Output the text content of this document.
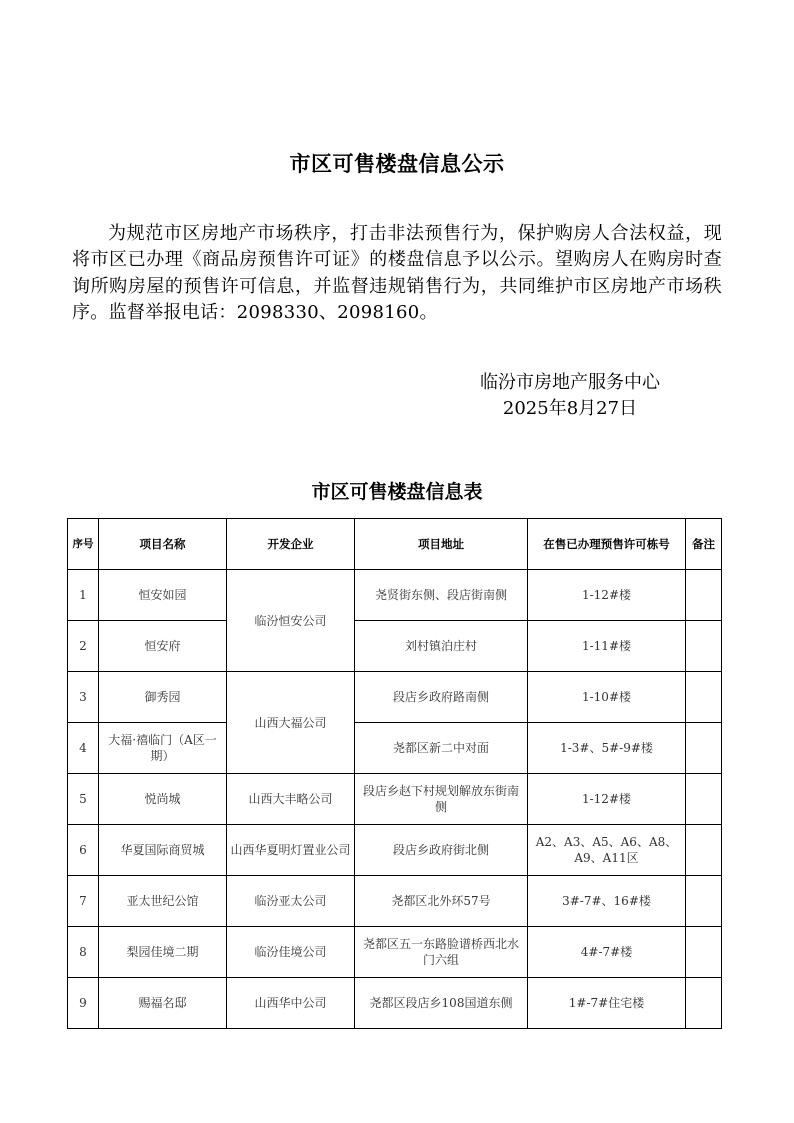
市区可售楼盘信息公示
为规范市区房地产市场秩序，打击非法预售行为，保护购房人合法权益，现将市区已办理《商品房预售许可证》的楼盘信息予以公示。望购房人在购房时查询所购房屋的预售许可信息，并监督违规销售行为，共同维护市区房地产市场秩序。监督举报电话：2098330、2098160。
临汾市房地产服务中心
2025年8月27日
市区可售楼盘信息表
序号	项目名称	开发企业	项目地址	在售已办理预售许可栋号	备注
1	恒安如园	临汾恒安公司	尧贤街东侧、段店街南侧	1-12#楼	
2	恒安府		刘村镇泊庄村	1-11#楼	
3	御秀园	山西大福公司	段店乡政府路南侧	1-10#楼	
4	大福·禧临门（A区一期）		尧都区新二中对面	1-3#、5#-9#楼	
5	悦尚城	山西大丰略公司	段店乡赵下村规划解放东街南侧	1-12#楼	
6	华夏国际商贸城	山西华夏明灯置业公司	段店乡政府街北侧	A2、A3、A5、A6、A8、A9、A11区	
7	亚太世纪公馆	临汾亚太公司	尧都区北外环57号	3#-7#、16#楼	
8	梨园佳境二期	临汾佳境公司	尧都区五一东路脸谱桥西北水门六组	4#-7#楼	
9	赐福名邸	山西华中公司	尧都区段店乡108国道东侧	1#-7#住宅楼	
